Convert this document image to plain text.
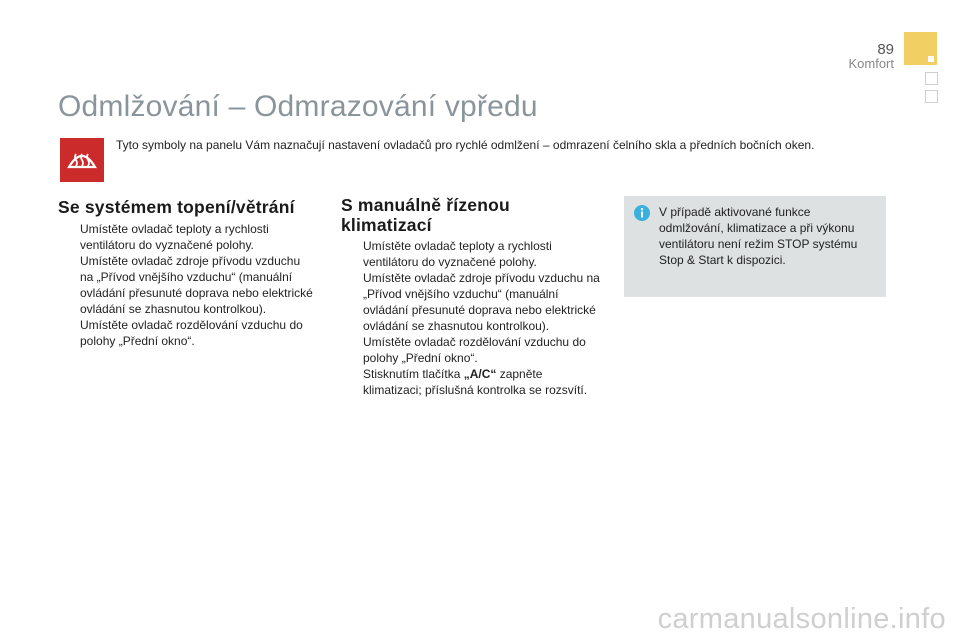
89
Komfort
Odmlžování – Odmrazování vpředu
Tyto symboly na panelu Vám naznačují nastavení ovladačů pro rychlé odmlžení – odmrazení čelního skla a předních bočních oken.
Se systémem topení/větrání
Umístěte ovladač teploty a rychlosti ventilátoru do vyznačené polohy.
Umístěte ovladač zdroje přívodu vzduchu na „Přívod vnějšího vzduchu“ (manuální ovládání přesunuté doprava nebo elektrické ovládání se zhasnutou kontrolkou).
Umístěte ovladač rozdělování vzduchu do polohy „Přední okno“.
S manuálně řízenou
klimatizací
Umístěte ovladač teploty a rychlosti ventilátoru do vyznačené polohy.
Umístěte ovladač zdroje přívodu vzduchu na „Přívod vnějšího vzduchu“ (manuální ovládání přesunuté doprava nebo elektrické ovládání se zhasnutou kontrolkou).
Umístěte ovladač rozdělování vzduchu do polohy „Přední okno“.
Stisknutím tlačítka „A/C“ zapněte klimatizaci; příslušná kontrolka se rozsvítí.
V případě aktivované funkce odmlžování, klimatizace a při výkonu ventilátoru není režim STOP systému Stop & Start k dispozici.
carmanualsonline.info
